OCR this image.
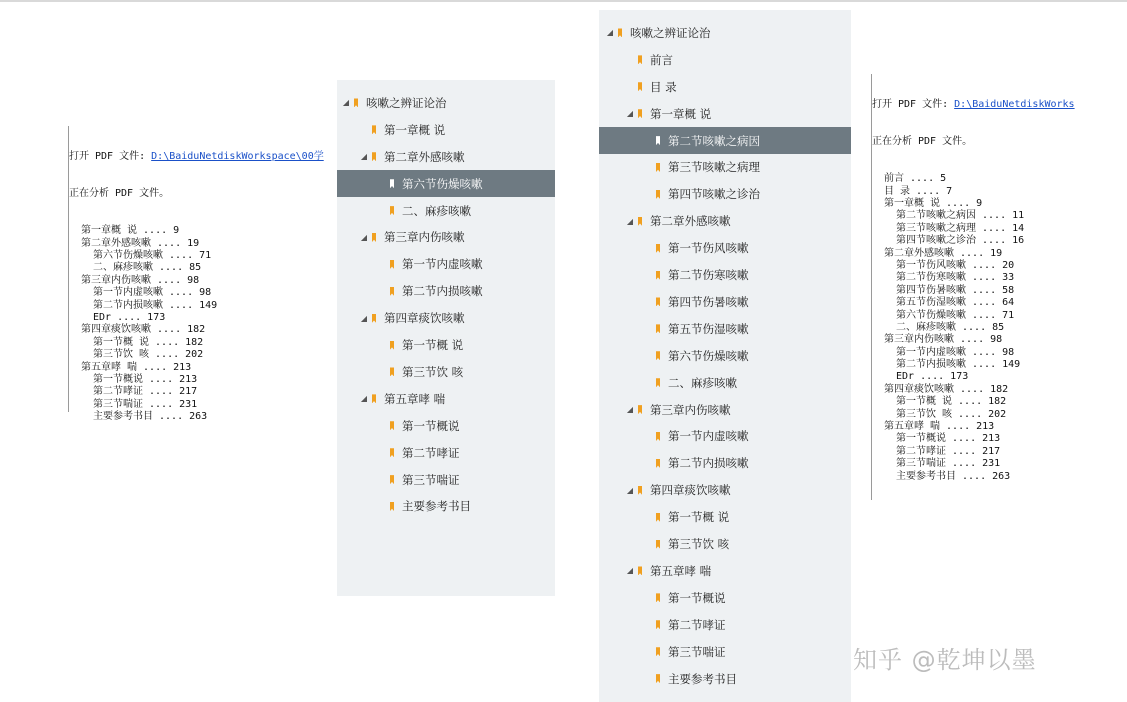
打开 PDF 文件: D:\BaiduNetdiskWorkspace\00学

正在分析 PDF 文件。

第一章概 说 .... 9
第二章外感咳嗽 .... 19
第六节伤燥咳嗽 .... 71
二、麻疹咳嗽 .... 85
第三章内伤咳嗽 .... 98
第一节内虚咳嗽 .... 98
第二节内损咳嗽 .... 149
EDr .... 173
第四章痰饮咳嗽 .... 182
第一节概 说 .... 182
第三节饮 咳 .... 202
第五章哮 喘 .... 213
第一节概说 .... 213
第二节哮证 .... 217
第三节喘证 .... 231
主要参考书目 .... 263

◢ 咳嗽之辨证论治
第一章概 说
◢ 第二章外感咳嗽
第六节伤燥咳嗽
二、麻疹咳嗽
◢ 第三章内伤咳嗽
第一节内虚咳嗽
第二节内损咳嗽
◢ 第四章痰饮咳嗽
第一节概 说
第三节饮 咳
◢ 第五章哮 喘
第一节概说
第二节哮证
第三节喘证
主要参考书目
◢ 咳嗽之辨证论治
前言
目 录
◢ 第一章概 说
第二节咳嗽之病因
第三节咳嗽之病理
第四节咳嗽之诊治
◢ 第二章外感咳嗽
第一节伤风咳嗽
第二节伤寒咳嗽
第四节伤暑咳嗽
第五节伤湿咳嗽
第六节伤燥咳嗽
二、麻疹咳嗽
◢ 第三章内伤咳嗽
第一节内虚咳嗽
第二节内损咳嗽
◢ 第四章痰饮咳嗽
第一节概 说
第三节饮 咳
◢ 第五章哮 喘
第一节概说
第二节哮证
第三节喘证
主要参考书目

打开 PDF 文件: D:\BaiduNetdiskWorks

正在分析 PDF 文件。

前言 .... 5
目 录 .... 7
第一章概 说 .... 9
第二节咳嗽之病因 .... 11
第三节咳嗽之病理 .... 14
第四节咳嗽之诊治 .... 16
第二章外感咳嗽 .... 19
第一节伤风咳嗽 .... 20
第二节伤寒咳嗽 .... 33
第四节伤暑咳嗽 .... 58
第五节伤湿咳嗽 .... 64
第六节伤燥咳嗽 .... 71
二、麻疹咳嗽 .... 85
第三章内伤咳嗽 .... 98
第一节内虚咳嗽 .... 98
第二节内损咳嗽 .... 149
EDr .... 173
第四章痰饮咳嗽 .... 182
第一节概 说 .... 182
第三节饮 咳 .... 202
第五章哮 喘 .... 213
第一节概说 .... 213
第二节哮证 .... 217
第三节喘证 .... 231
主要参考书目 .... 263

知乎 @乾坤以墨
